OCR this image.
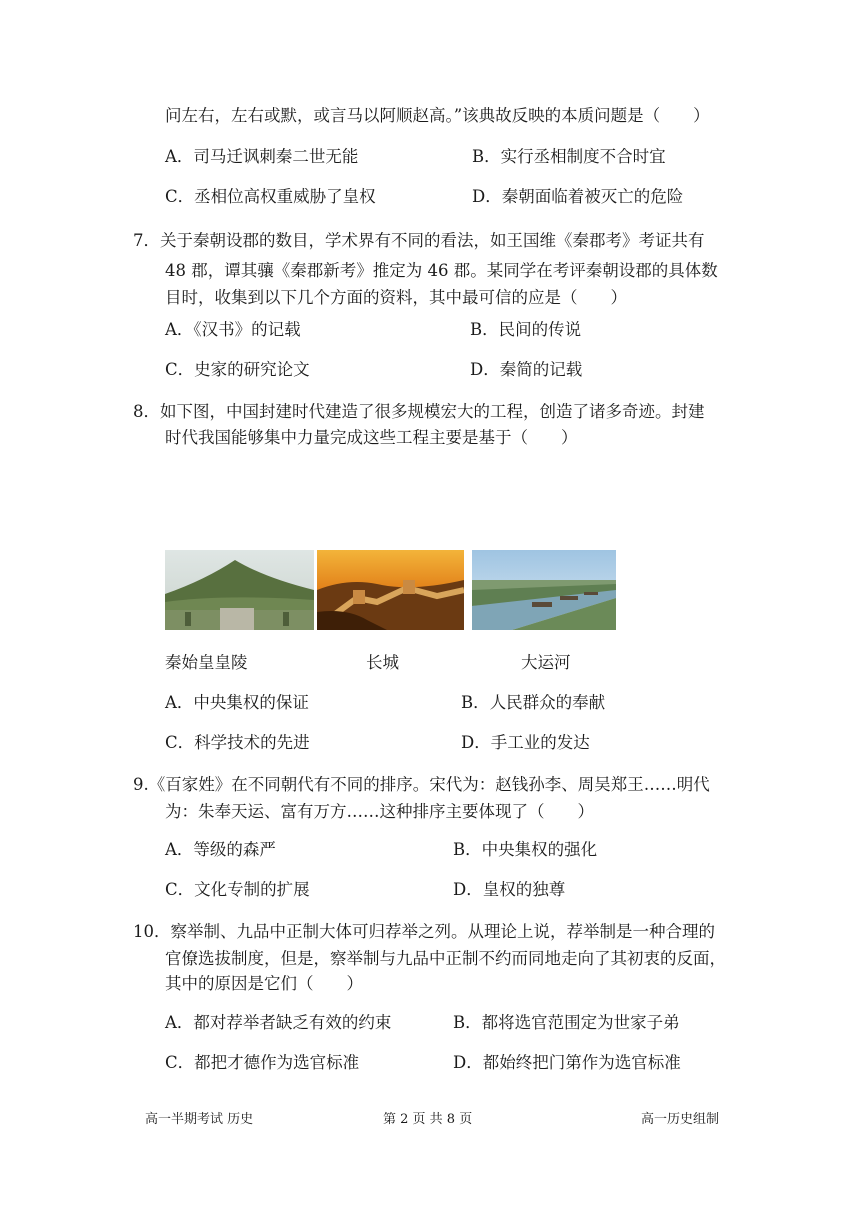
问左右，左右或默，或言马以阿顺赵高。”该典故反映的本质问题是（　　）
A．司马迁讽刺秦二世无能	B．实行丞相制度不合时宜
C．丞相位高权重威胁了皇权	D．秦朝面临着被灭亡的危险
7．关于秦朝设郡的数目，学术界有不同的看法，如王国维《秦郡考》考证共有
48 郡，谭其骧《秦郡新考》推定为 46 郡。某同学在考评秦朝设郡的具体数
目时，收集到以下几个方面的资料，其中最可信的应是（　　）
A．《汉书》的记载	B．民间的传说
C．史家的研究论文	D．秦简的记载
8．如下图，中国封建时代建造了很多规模宏大的工程，创造了诸多奇迹。封建
时代我国能够集中力量完成这些工程主要是基于（　　）
秦始皇皇陵	长城	大运河
A．中央集权的保证	B．人民群众的奉献
C．科学技术的先进	D．手工业的发达
9.《百家姓》在不同朝代有不同的排序。宋代为：赵钱孙李、周吴郑王……明代
为：朱奉天运、富有万方……这种排序主要体现了（　　）
A．等级的森严	B．中央集权的强化
C．文化专制的扩展	D．皇权的独尊
10．察举制、九品中正制大体可归荐举之列。从理论上说，荐举制是一种合理的
官僚选拔制度，但是，察举制与九品中正制不约而同地走向了其初衷的反面，
其中的原因是它们（　　）
A．都对荐举者缺乏有效的约束	B．都将选官范围定为世家子弟
C．都把才德作为选官标准	D．都始终把门第作为选官标准
高一半期考试 历史	第 2 页 共 8 页	高一历史组制
